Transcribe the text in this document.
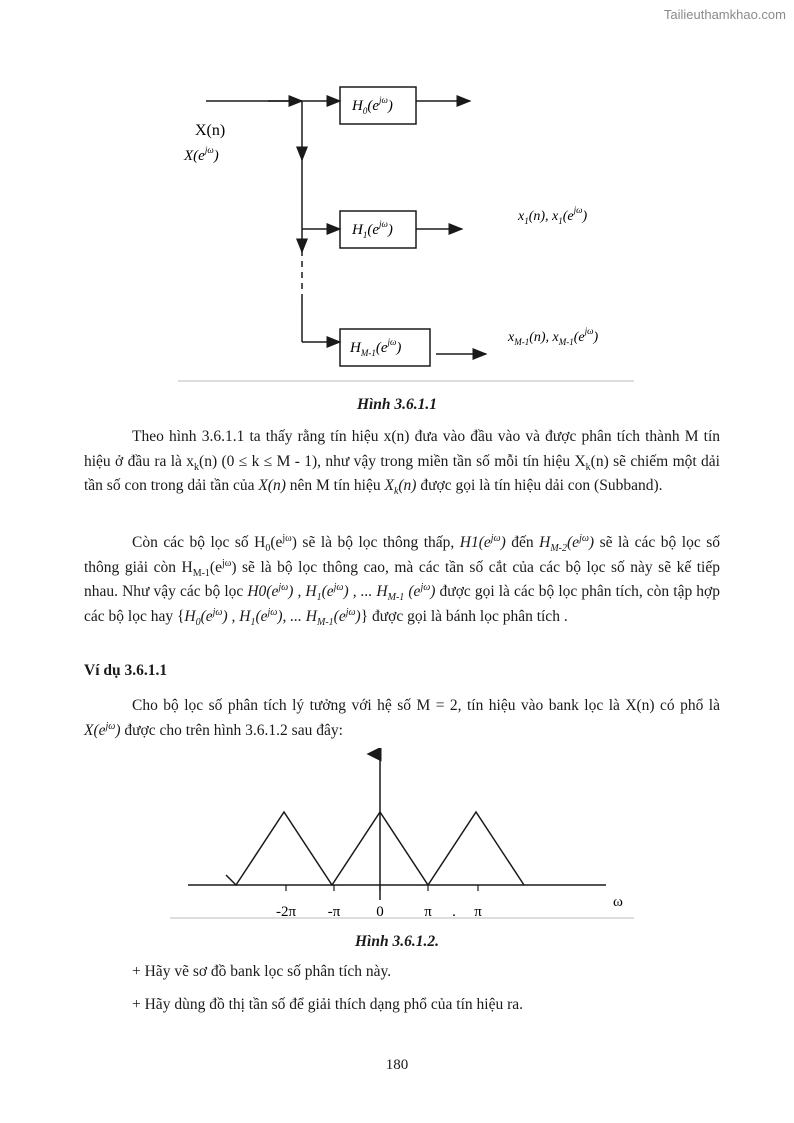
Tailieuthamkhao.com
X(n)
$X(e^{j\omega})$
$H_0(e^{j\omega})$
$H_1(e^{j\omega})$
$H_{M-1}(e^{j\omega})$
$x_1(n)$, $x_1(e^{j\omega})$
$x_{M-1}(n)$, $x_{M-1}(e^{j\omega})$
Hình 3.6.1.1

Theo hình 3.6.1.1 ta thấy rằng tín hiệu x(n) đưa vào đầu vào và được phân tích thành M tín hiệu ở đầu ra là $x_k(n) (0 \le k \le M - 1)$, như vậy trong miền tần số mỗi tín hiệu $X_k(n)$ sẽ chiếm một dải tần số con trong dải tần của X(n) nên M tín hiệu $X_k(n)$ được gọi là tín hiệu dải con (Subband).

Còn các bộ lọc số $H_0(e^{j\omega})$ sẽ là bộ lọc thông thấp, $H1(e^{j\omega})$ đến $H_{M-2}(e^{j\omega})$ sẽ là các bộ lọc số thông giải còn $H_{M-1}(e^{j\omega})$ sẽ là bộ lọc thông cao, mà các tần số cắt của các bộ lọc số này sẽ kế tiếp nhau. Như vậy các bộ lọc $H0(e^{j\omega})$ , $H_1(e^{j\omega})$ , ... $H_{M-1}$ $(e^{j\omega})$ được gọi là các bộ lọc phân tích, còn tập hợp các bộ lọc hay {$H_0(e^{j\omega})$ , $H_1(e^{j\omega})$, ... $H_{M-1}(e^{j\omega})$} được gọi là bánh lọc phân tích .

Ví dụ 3.6.1.1

Cho bộ lọc số phân tích lý tưởng với hệ số M = 2, tín hiệu vào bank lọc là X(n) có phổ là $X(e^{j\omega})$ được cho trên hình 3.6.1.2 sau đây:

-2π -π 0	π . π
ω
Hình 3.6.1.2.

+ Hãy vẽ sơ đồ bank lọc số phân tích này.

+ Hãy dùng đồ thị tần số để giải thích dạng phổ của tín hiệu ra.

180
